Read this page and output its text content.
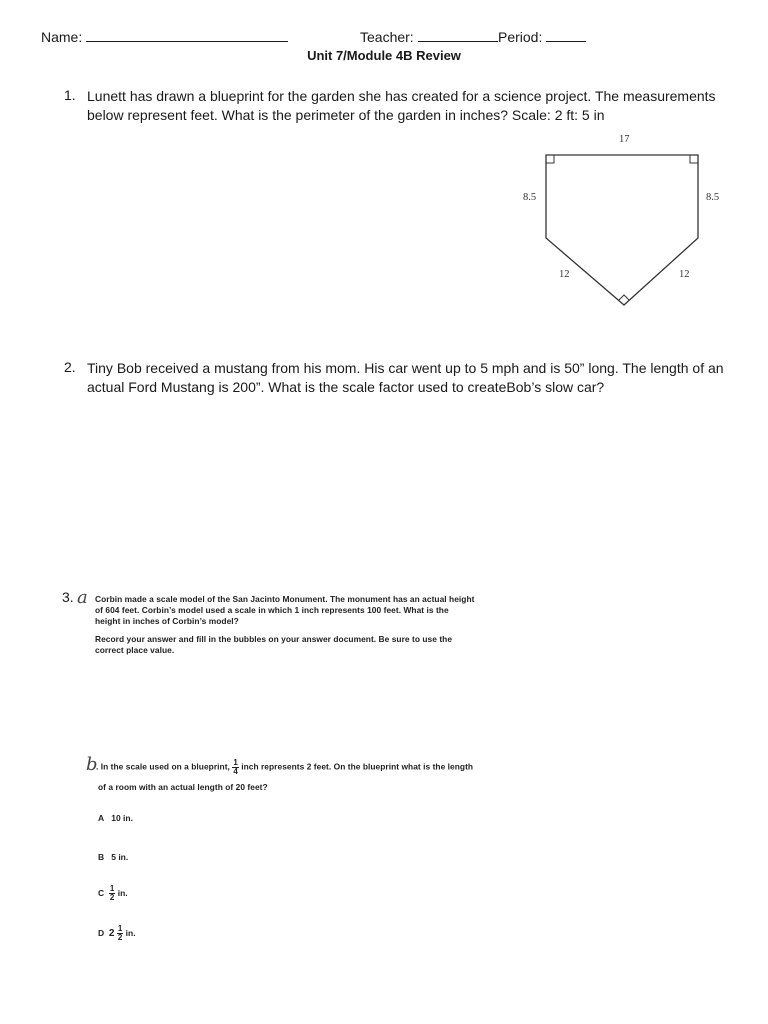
Name:	Teacher:	Period:
Unit 7/Module 4B Review
1. Lunett has drawn a blueprint for the garden she has created for a science project. The measurements
below represent feet. What is the perimeter of the garden in inches? Scale: 2 ft: 5 in
17
8.5	8.5
12	12
2. Tiny Bob received a mustang from his mom. His car went up to 5 mph and is 50” long. The length of an
actual Ford Mustang is 200”. What is the scale factor used to createBob’s slow car?
3. a Corbin made a scale model of the San Jacinto Monument. The monument has an actual height
of 604 feet. Corbin’s model used a scale in which 1 inch represents 100 feet. What is the
height in inches of Corbin’s model?
Record your answer and fill in the bubbles on your answer document. Be sure to use the
correct place value.
b
. In the scale used on a blueprint, $\frac{1}{4}$ inch represents 2 feet. On the blueprint what is the length
of a room with an actual length of 20 feet?
A 10 in.
B 5 in.
C $\frac{1}{2}$ in.
D $2 \frac{1}{2}$ in.
